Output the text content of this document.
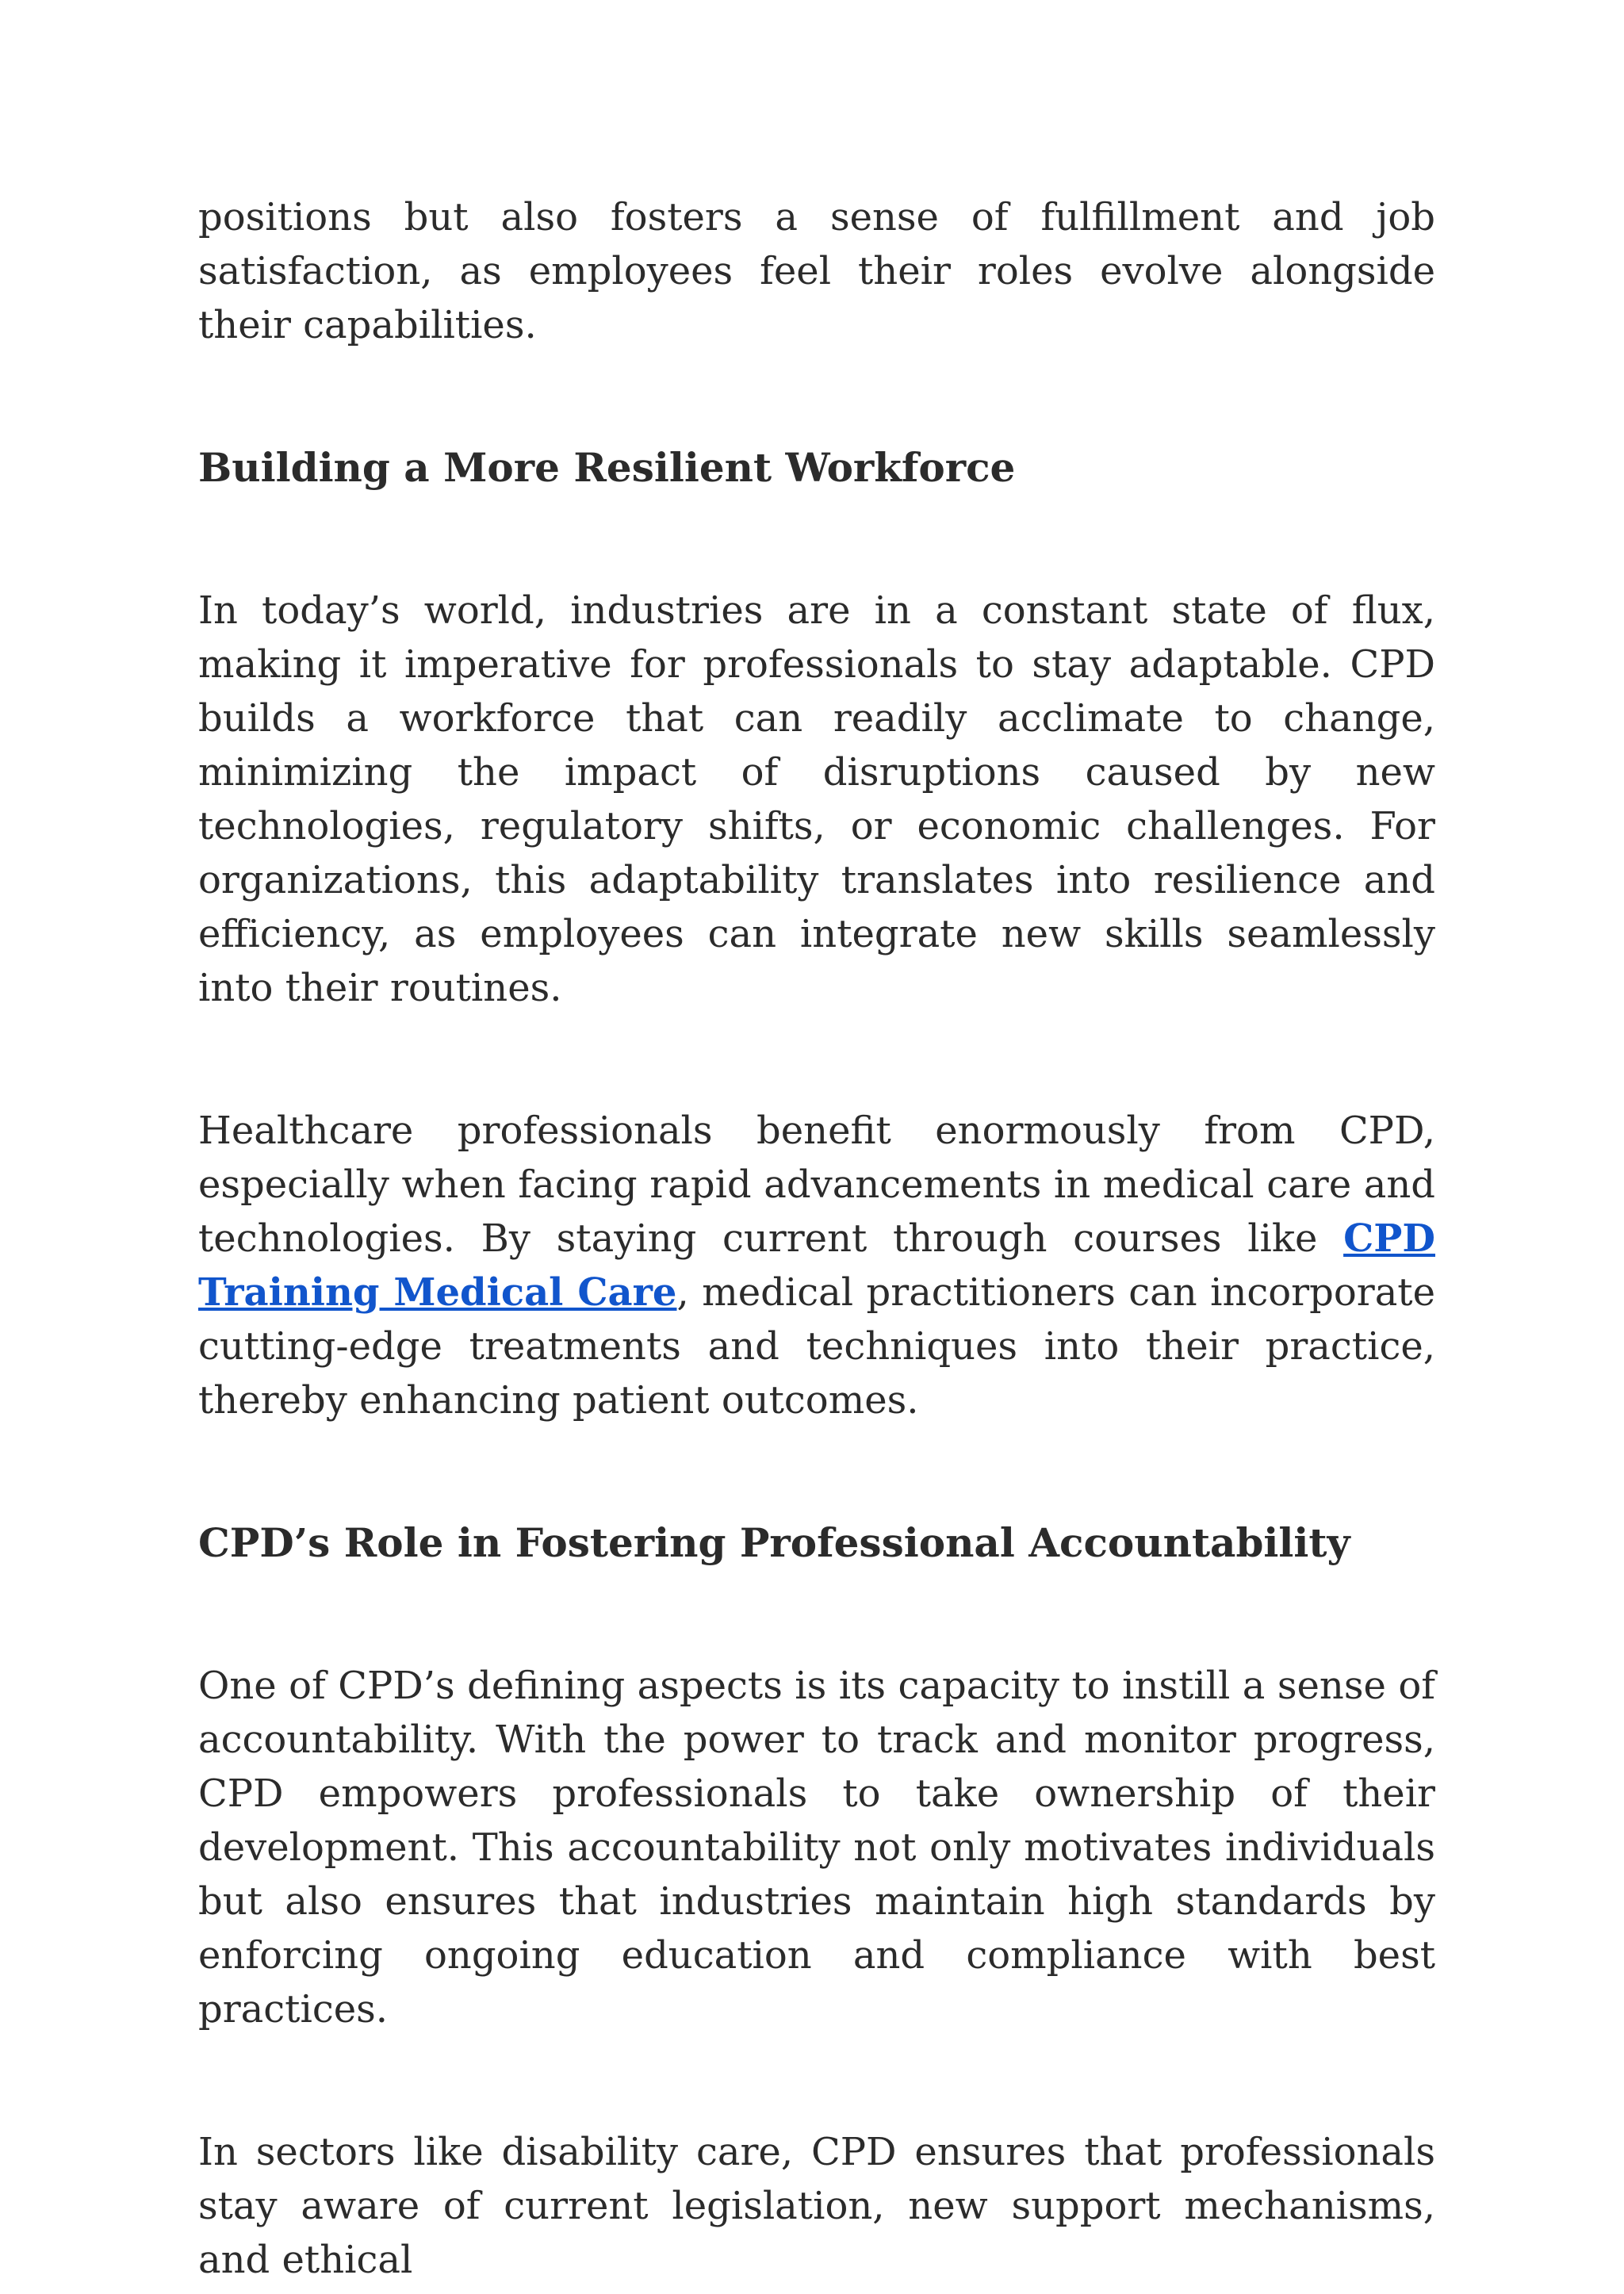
positions but also fosters a sense of fulfillment and job satisfaction, as employees feel their roles evolve alongside their capabilities.

Building a More Resilient Workforce

In today’s world, industries are in a constant state of flux, making it imperative for professionals to stay adaptable. CPD builds a workforce that can readily acclimate to change, minimizing the impact of disruptions caused by new technologies, regulatory shifts, or economic challenges. For organizations, this adaptability translates into resilience and efficiency, as employees can integrate new skills seamlessly into their routines.

Healthcare professionals benefit enormously from CPD, especially when facing rapid advancements in medical care and technologies. By staying current through courses like CPD Training Medical Care, medical practitioners can incorporate cutting-edge treatments and techniques into their practice, thereby enhancing patient outcomes.

CPD’s Role in Fostering Professional Accountability

One of CPD’s defining aspects is its capacity to instill a sense of accountability. With the power to track and monitor progress, CPD empowers professionals to take ownership of their development. This accountability not only motivates individuals but also ensures that industries maintain high standards by enforcing ongoing education and compliance with best practices.

In sectors like disability care, CPD ensures that professionals stay aware of current legislation, new support mechanisms, and ethical
